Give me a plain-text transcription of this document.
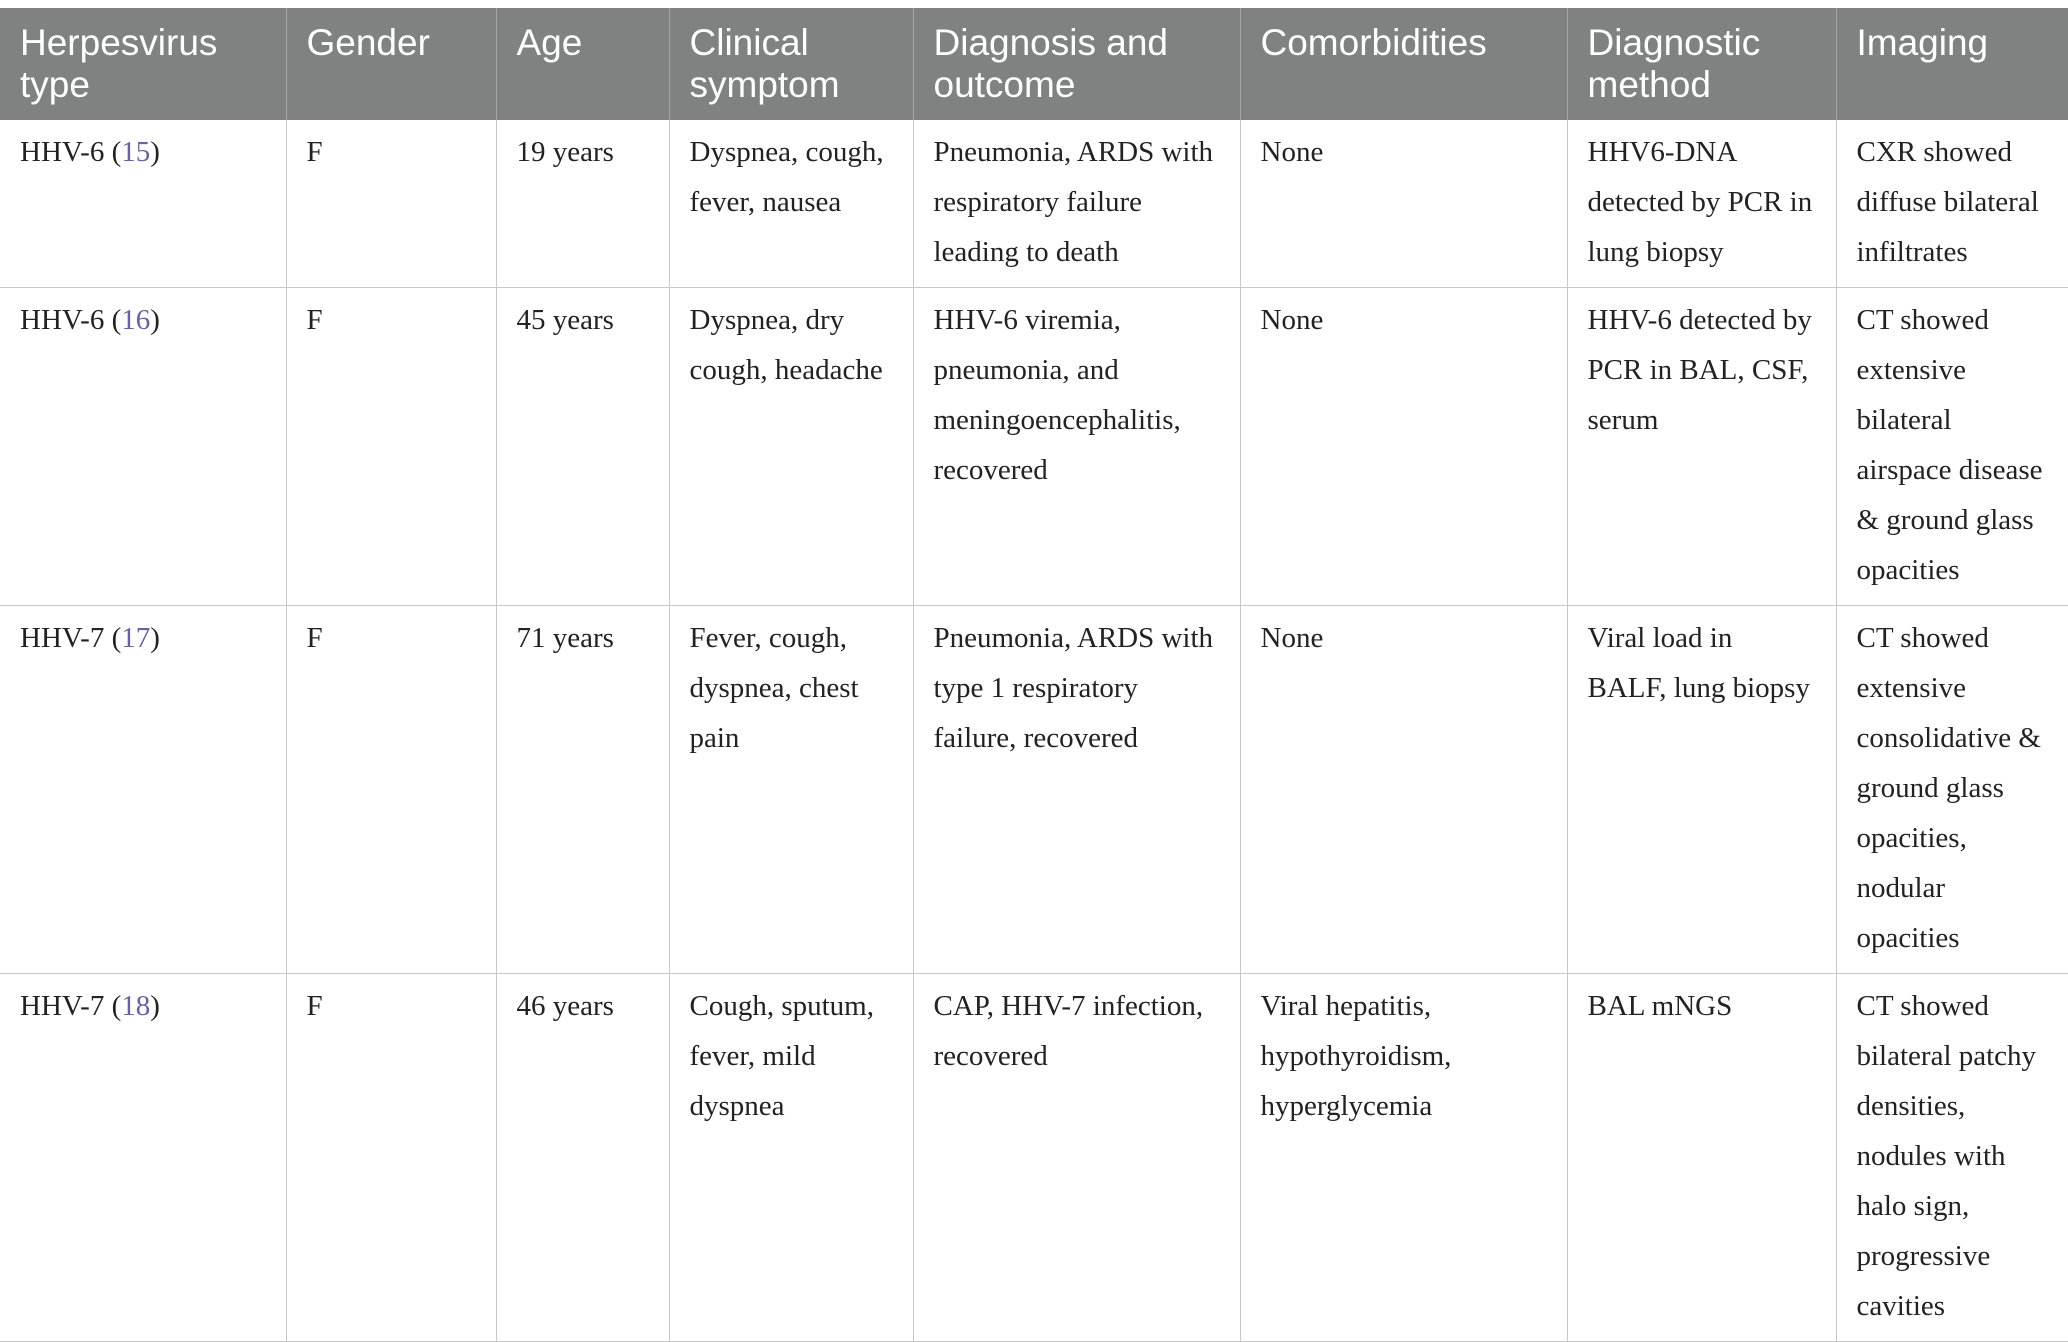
Herpesvirus type	Gender	Age	Clinical symptom	Diagnosis and outcome	Comorbidities	Diagnostic method	Imaging
HHV-6 (15)	F	19 years	Dyspnea, cough, fever, nausea	Pneumonia, ARDS with respiratory failure leading to death	None	HHV6-DNA detected by PCR in lung biopsy	CXR showed diffuse bilateral infiltrates
HHV-6 (16)	F	45 years	Dyspnea, dry cough, headache	HHV-6 viremia, pneumonia, and meningoencephalitis, recovered	None	HHV-6 detected by PCR in BAL, CSF, serum	CT showed extensive bilateral airspace disease & ground glass opacities
HHV-7 (17)	F	71 years	Fever, cough, dyspnea, chest pain	Pneumonia, ARDS with type 1 respiratory failure, recovered	None	Viral load in BALF, lung biopsy	CT showed extensive consolidative & ground glass opacities, nodular opacities
HHV-7 (18)	F	46 years	Cough, sputum, fever, mild dyspnea	CAP, HHV-7 infection, recovered	Viral hepatitis, hypothyroidism, hyperglycemia	BAL mNGS	CT showed bilateral patchy densities, nodules with halo sign, progressive cavities
